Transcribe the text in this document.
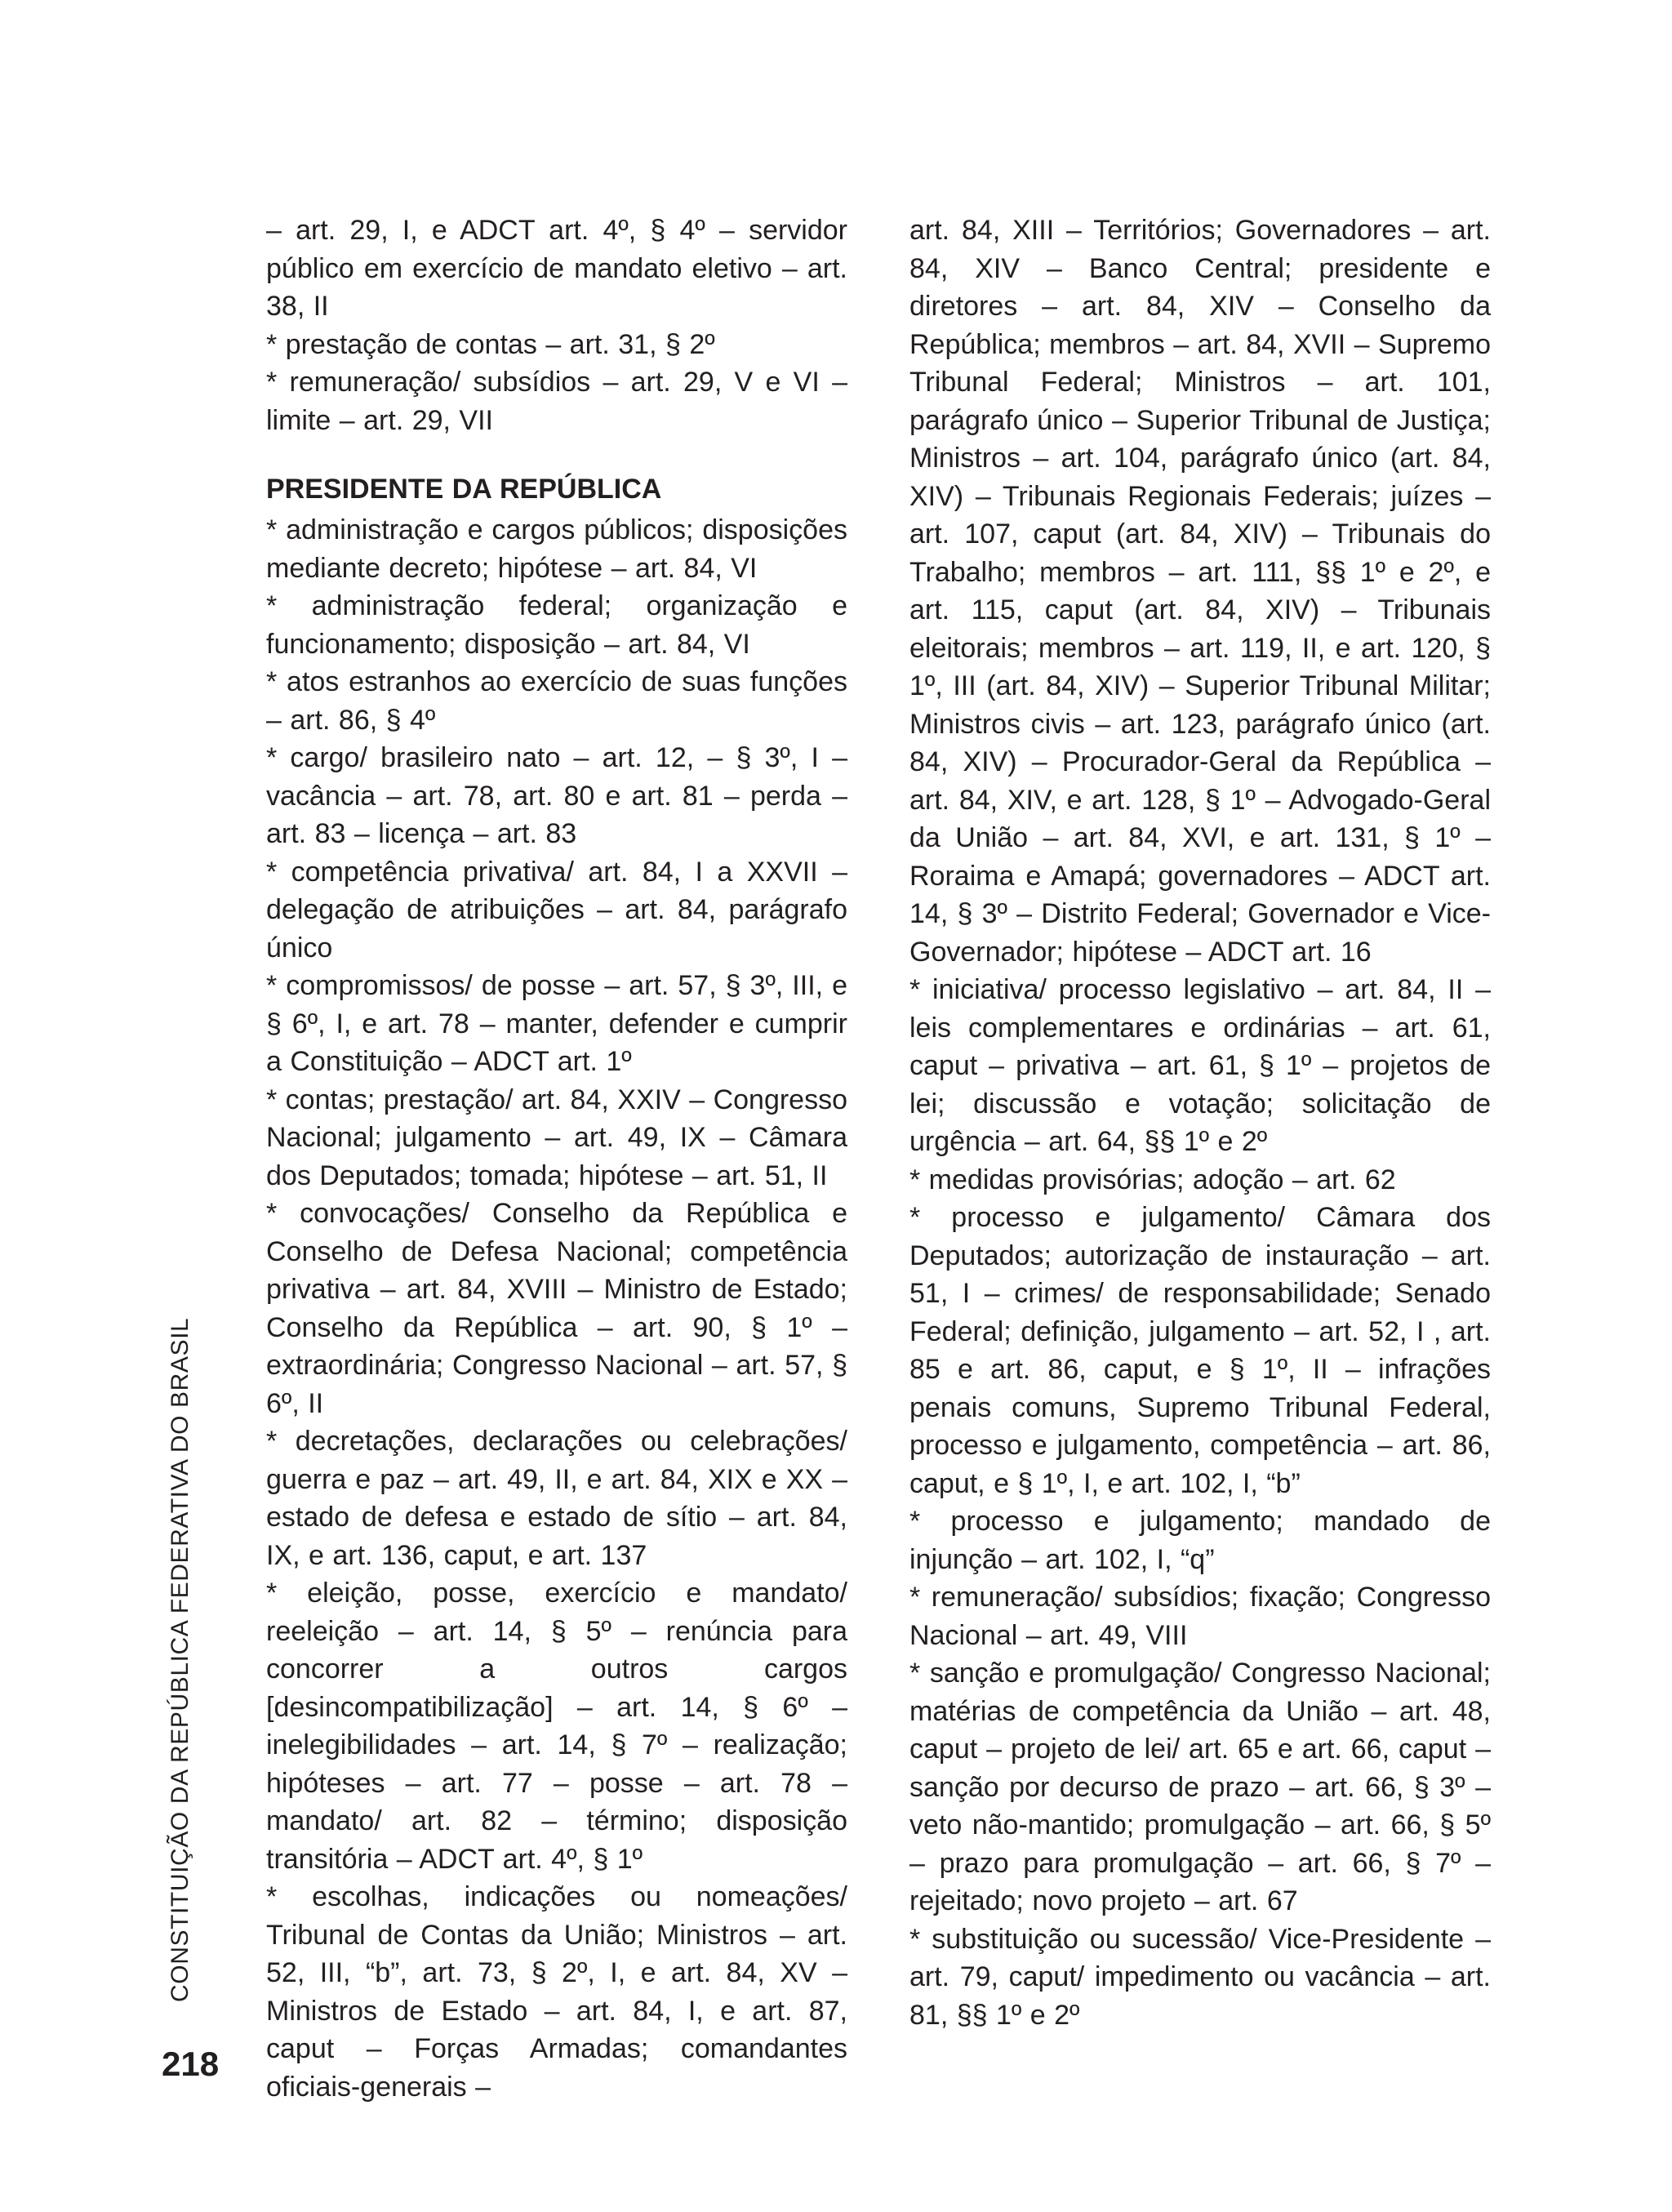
CONSTITUIÇÃO DA REPÚBLICA FEDERATIVA DO BRASIL
218

– art. 29, I, e ADCT art. 4º, § 4º – servidor público em exercício de mandato eletivo – art. 38, II

* prestação de contas – art. 31, § 2º

* remuneração/ subsídios – art. 29, V e VI – limite – art. 29, VII

PRESIDENTE DA REPÚBLICA

* administração e cargos públicos; disposições mediante decreto; hipótese – art. 84, VI

* administração federal; organização e funcionamento; disposição – art. 84, VI

* atos estranhos ao exercício de suas funções – art. 86, § 4º

* cargo/ brasileiro nato – art. 12, – § 3º, I – vacância – art. 78, art. 80 e art. 81 – perda – art. 83 – licença – art. 83

* competência privativa/ art. 84, I a XXVII – delegação de atribuições – art. 84, parágrafo único

* compromissos/ de posse – art. 57, § 3º, III, e § 6º, I, e art. 78 – manter, defender e cumprir a Constituição – ADCT art. 1º

* contas; prestação/ art. 84, XXIV – Congresso Nacional; julgamento – art. 49, IX – Câmara dos Deputados; tomada; hipótese – art. 51, II

* convocações/ Conselho da República e Conselho de Defesa Nacional; competência privativa – art. 84, XVIII – Ministro de Estado; Conselho da República – art. 90, § 1º – extraordinária; Congresso Nacional – art. 57, § 6º, II

* decretações, declarações ou celebrações/ guerra e paz – art. 49, II, e art. 84, XIX e XX – estado de defesa e estado de sítio – art. 84, IX, e art. 136, caput, e art. 137

* eleição, posse, exercício e mandato/ reeleição – art. 14, § 5º – renúncia para concorrer a outros cargos [desincompatibilização] – art. 14, § 6º – inelegibilidades – art. 14, § 7º – realização; hipóteses – art. 77 – posse – art. 78 – mandato/ art. 82 – término; disposição transitória – ADCT art. 4º, § 1º

* escolhas, indicações ou nomeações/ Tribunal de Contas da União; Ministros – art. 52, III, “b”, art. 73, § 2º, I, e art. 84, XV – Ministros de Estado – art. 84, I, e art. 87, caput – Forças Armadas; comandantes oficiais-generais –

art. 84, XIII – Territórios; Governadores – art. 84, XIV – Banco Central; presidente e diretores – art. 84, XIV – Conselho da República; membros – art. 84, XVII – Supremo Tribunal Federal; Ministros – art. 101, parágrafo único – Superior Tribunal de Justiça; Ministros – art. 104, parágrafo único (art. 84, XIV) – Tribunais Regionais Federais; juízes – art. 107, caput (art. 84, XIV) – Tribunais do Trabalho; membros – art. 111, §§ 1º e 2º, e art. 115, caput (art. 84, XIV) – Tribunais eleitorais; membros – art. 119, II, e art. 120, § 1º, III (art. 84, XIV) – Superior Tribunal Militar; Ministros civis – art. 123, parágrafo único (art. 84, XIV) – Procurador-Geral da República – art. 84, XIV, e art. 128, § 1º – Advogado-Geral da União – art. 84, XVI, e art. 131, § 1º – Roraima e Amapá; governadores – ADCT art. 14, § 3º – Distrito Federal; Governador e Vice-Governador; hipótese – ADCT art. 16

* iniciativa/ processo legislativo – art. 84, II – leis complementares e ordinárias – art. 61, caput – privativa – art. 61, § 1º – projetos de lei; discussão e votação; solicitação de urgência – art. 64, §§ 1º e 2º

* medidas provisórias; adoção – art. 62

* processo e julgamento/ Câmara dos Deputados; autorização de instauração – art. 51, I – crimes/ de responsabilidade; Senado Federal; definição, julgamento – art. 52, I , art. 85 e art. 86, caput, e § 1º, II – infrações penais comuns, Supremo Tribunal Federal, processo e julgamento, competência – art. 86, caput, e § 1º, I, e art. 102, I, “b”

* processo e julgamento; mandado de injunção – art. 102, I, “q”

* remuneração/ subsídios; fixação; Congresso Nacional – art. 49, VIII

* sanção e promulgação/ Congresso Nacional; matérias de competência da União – art. 48, caput – projeto de lei/ art. 65 e art. 66, caput – sanção por decurso de prazo – art. 66, § 3º – veto não-mantido; promulgação – art. 66, § 5º – prazo para promulgação – art. 66, § 7º – rejeitado; novo projeto – art. 67

* substituição ou sucessão/ Vice-Presidente – art. 79, caput/ impedimento ou vacância – art. 81, §§ 1º e 2º
